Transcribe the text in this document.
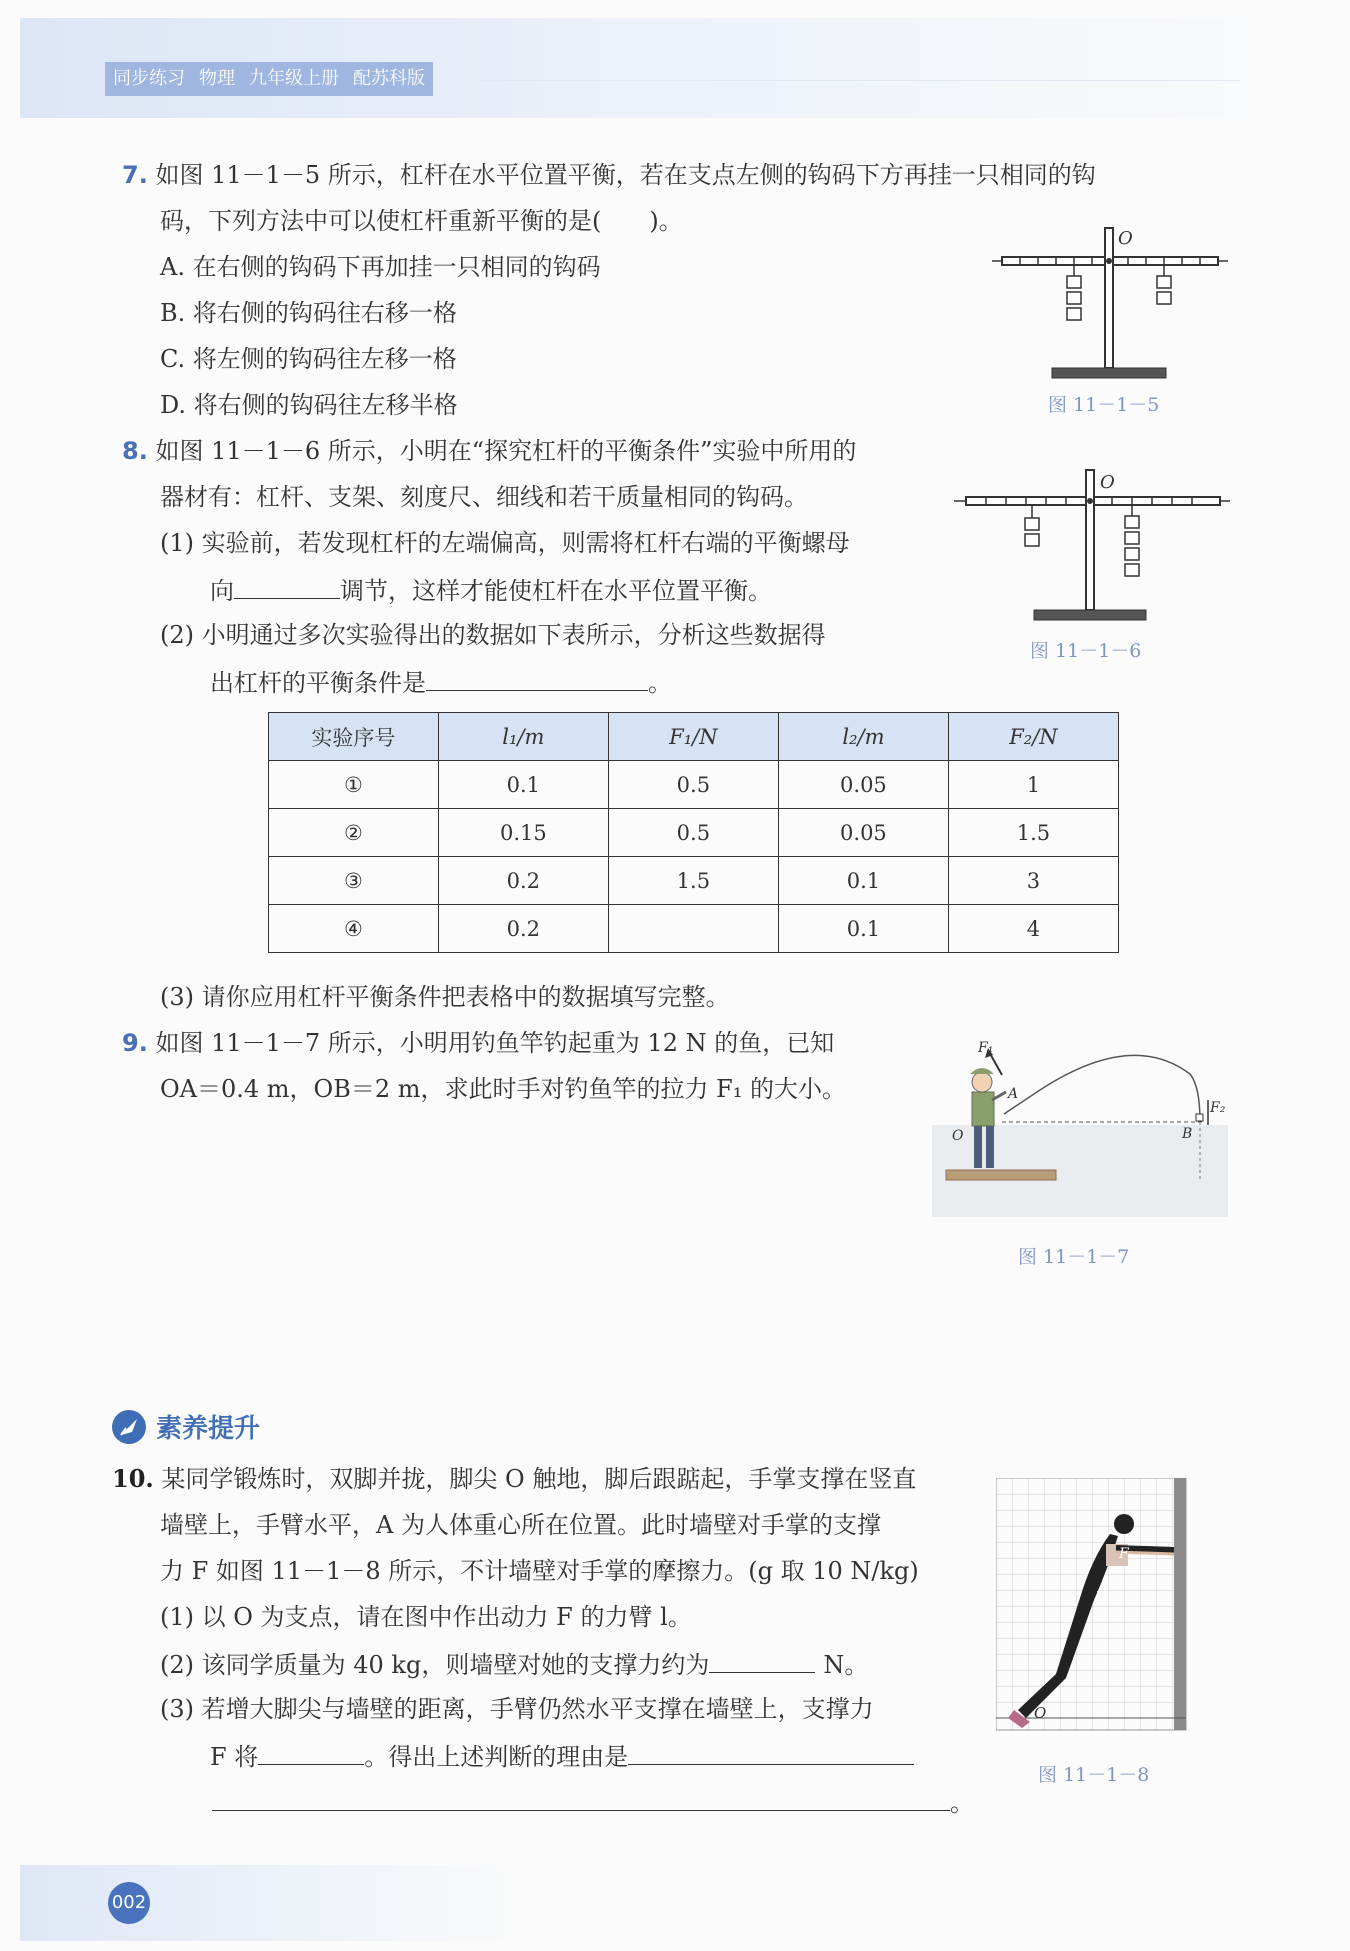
同步练习 物理 九年级上册 配苏科版
7. 如图 11－1－5 所示，杠杆在水平位置平衡，若在支点左侧的钩码下方再挂一只相同的钩
码，下列方法中可以使杠杆重新平衡的是(　　)。
A. 在右侧的钩码下再加挂一只相同的钩码
B. 将右侧的钩码往右移一格
C. 将左侧的钩码往左移一格
D. 将右侧的钩码往左移半格
O
图 11－1－5
8. 如图 11－1－6 所示，小明在“探究杠杆的平衡条件”实验中所用的
器材有：杠杆、支架、刻度尺、细线和若干质量相同的钩码。
(1) 实验前，若发现杠杆的左端偏高，则需将杠杆右端的平衡螺母
向	调节，这样才能使杠杆在水平位置平衡。
(2) 小明通过多次实验得出的数据如下表所示，分析这些数据得
出杠杆的平衡条件是	。
O
图 11－1－6
实验序号	l₁/m	F₁/N	l₂/m	F₂/N
①	0.1	0.5	0.05	1
②	0.15	0.5	0.05	1.5
③	0.2	1.5	0.1	3
④	0.2		0.1	4
(3) 请你应用杠杆平衡条件把表格中的数据填写完整。
9. 如图 11－1－7 所示，小明用钓鱼竿钓起重为 12 N 的鱼，已知
OA＝0.4 m，OB＝2 m，求此时手对钓鱼竿的拉力 F₁ 的大小。
F₁
A
O
F₂
B
图 11－1－7
素养提升
10. 某同学锻炼时，双脚并拢，脚尖 O 触地，脚后跟踮起，手掌支撑在竖直
墙壁上，手臂水平，A 为人体重心所在位置。此时墙壁对手掌的支撑
力 F 如图 11－1－8 所示，不计墙壁对手掌的摩擦力。(g 取 10 N/kg)
(1) 以 O 为支点，请在图中作出动力 F 的力臂 l。
(2) 该同学质量为 40 kg，则墙壁对她的支撑力约为	N。
(3) 若增大脚尖与墙壁的距离，手臂仍然水平支撑在墙壁上，支撑力
F 将	。得出上述判断的理由是
。
F
A
O
图 11－1－8
002
